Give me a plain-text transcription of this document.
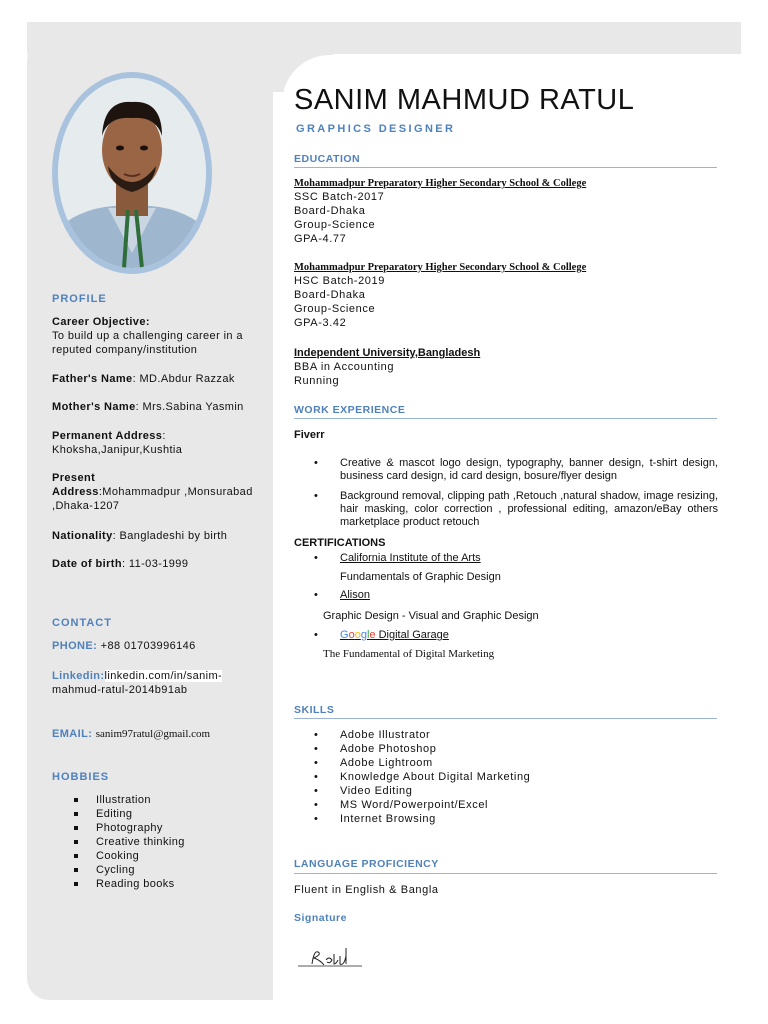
PROFILE
Career Objective:
To build up a challenging career in a reputed company/institution
Father's Name: MD.Abdur Razzak
Mother's Name: Mrs.Sabina Yasmin
Permanent Address:
Khoksha,Janipur,Kushtia
Present
Address:Mohammadpur ,Monsurabad
,Dhaka-1207
Nationality: Bangladeshi by birth
Date of birth: 11-03-1999
CONTACT
PHONE: +88 01703996146
Linkedin:linkedin.com/in/sanim-
mahmud-ratul-2014b91ab
EMAIL: sanim97ratul@gmail.com
HOBBIES
Illustration
Editing
Photography
Creative thinking
Cooking
Cycling
Reading books
SANIM MAHMUD RATUL
GRAPHICS DESIGNER
EDUCATION
Mohammadpur Preparatory Higher Secondary School & College
SSC Batch-2017
Board-Dhaka
Group-Science
GPA-4.77
Mohammadpur Preparatory Higher Secondary School & College
HSC Batch-2019
Board-Dhaka
Group-Science
GPA-3.42
Independent University,Bangladesh
BBA in Accounting
Running
WORK EXPERIENCE
Fiverr
• Creative & mascot logo design, typography, banner design, t-shirt design, business card design, id card design, bosure/flyer design
• Background removal, clipping path ,Retouch ,natural shadow, image resizing, hair masking, color correction , professional editing, amazon/eBay others marketplace product retouch
CERTIFICATIONS
• California Institute of the Arts
Fundamentals of Graphic Design
• Alison
Graphic Design - Visual and Graphic Design
• Google Digital Garage
The Fundamental of Digital Marketing
SKILLS
• Adobe Illustrator
• Adobe Photoshop
• Adobe Lightroom
• Knowledge About Digital Marketing
• Video Editing
• MS Word/Powerpoint/Excel
• Internet Browsing
LANGUAGE PROFICIENCY
Fluent in English & Bangla
Signature
